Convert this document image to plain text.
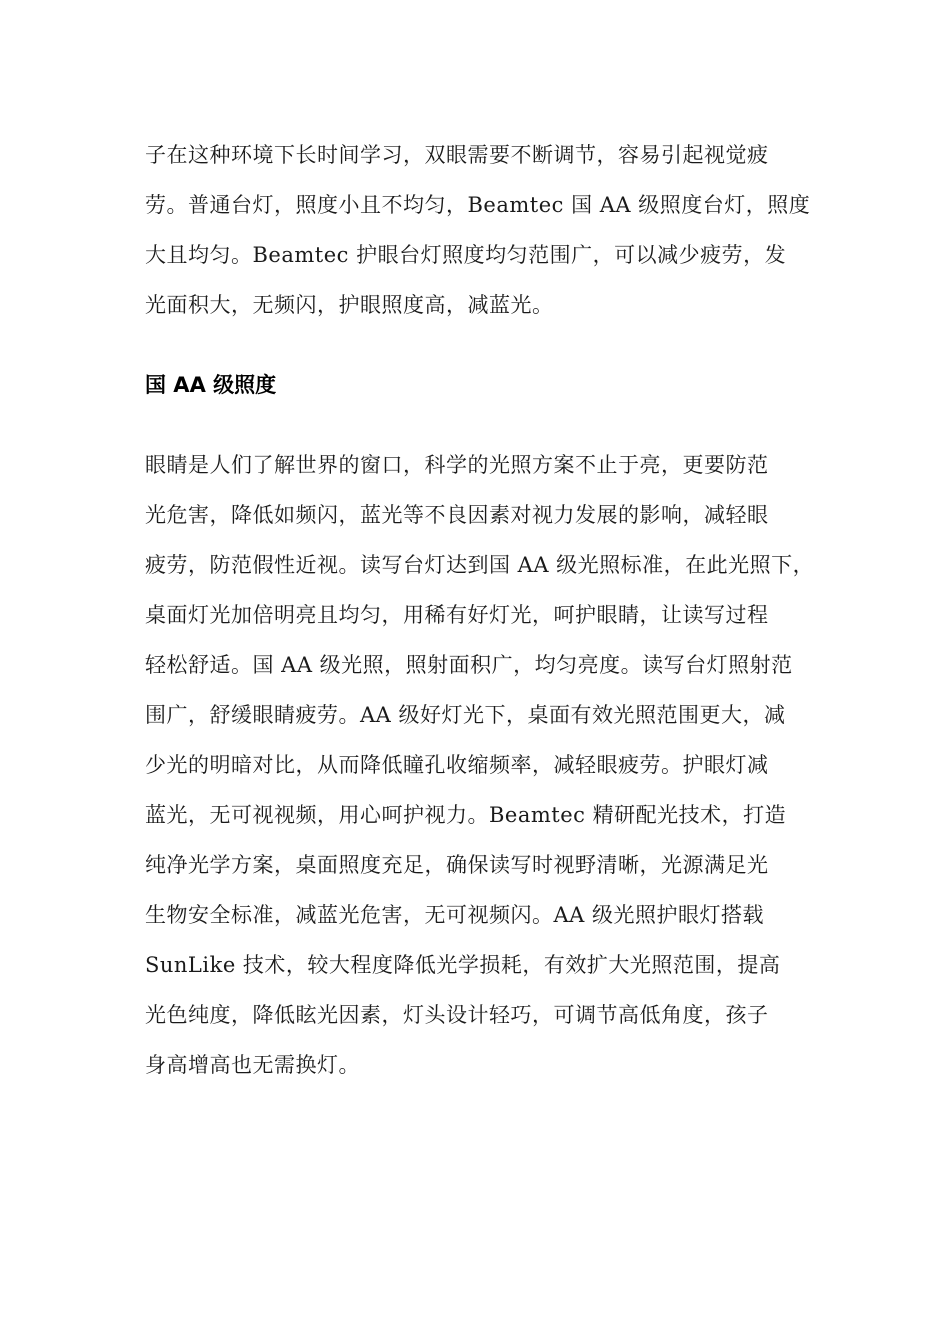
子在这种环境下长时间学习，双眼需要不断调节，容易引起视觉疲
劳。普通台灯，照度小且不均匀，Beamtec 国 AA 级照度台灯，照度
大且均匀。Beamtec 护眼台灯照度均匀范围广，可以减少疲劳，发
光面积大，无频闪，护眼照度高，减蓝光。
国 AA 级照度
眼睛是人们了解世界的窗口，科学的光照方案不止于亮，更要防范
光危害，降低如频闪，蓝光等不良因素对视力发展的影响，减轻眼
疲劳，防范假性近视。读写台灯达到国 AA 级光照标准，在此光照下，
桌面灯光加倍明亮且均匀，用稀有好灯光，呵护眼睛，让读写过程
轻松舒适。国 AA 级光照，照射面积广，均匀亮度。读写台灯照射范
围广，舒缓眼睛疲劳。AA 级好灯光下，桌面有效光照范围更大，减
少光的明暗对比，从而降低瞳孔收缩频率，减轻眼疲劳。护眼灯减
蓝光，无可视视频，用心呵护视力。Beamtec 精研配光技术，打造
纯净光学方案，桌面照度充足，确保读写时视野清晰，光源满足光
生物安全标准，减蓝光危害，无可视频闪。AA 级光照护眼灯搭载
SunLike 技术，较大程度降低光学损耗，有效扩大光照范围，提高
光色纯度，降低眩光因素，灯头设计轻巧，可调节高低角度，孩子
身高增高也无需换灯。
